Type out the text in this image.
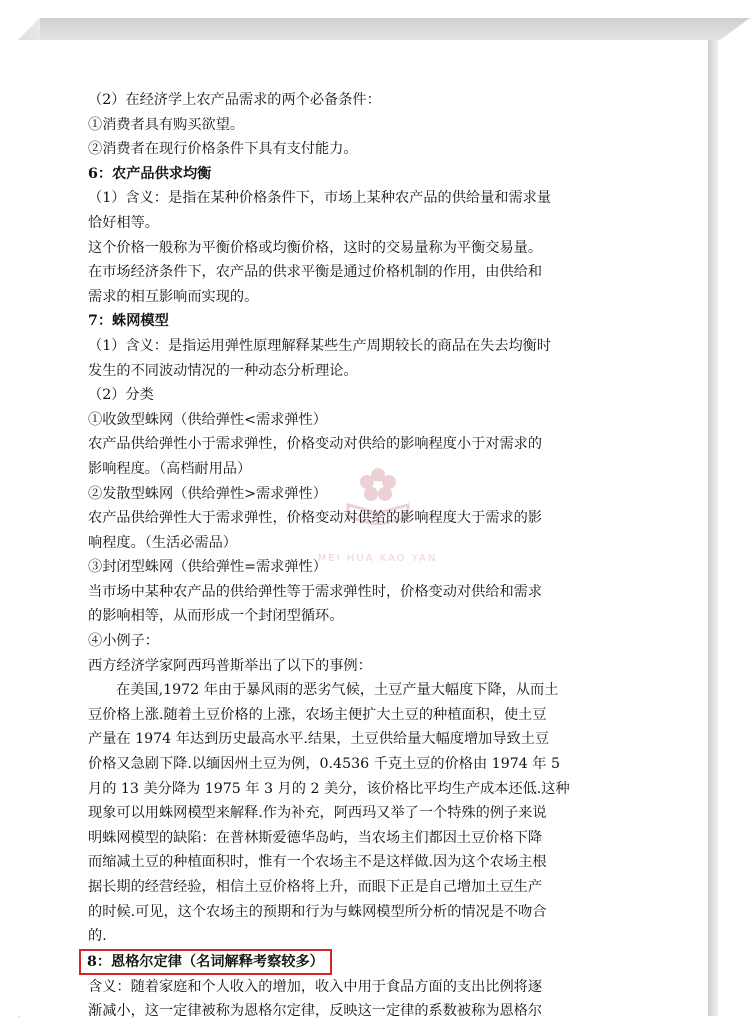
MEI HUA KAO YAN
（2）在经济学上农产品需求的两个必备条件：
①消费者具有购买欲望。
②消费者在现行价格条件下具有支付能力。
6：农产品供求均衡
（1）含义：是指在某种价格条件下，市场上某种农产品的供给量和需求量
恰好相等。
这个价格一般称为平衡价格或均衡价格，这时的交易量称为平衡交易量。
在市场经济条件下，农产品的供求平衡是通过价格机制的作用，由供给和
需求的相互影响而实现的。
7：蛛网模型
（1）含义：是指运用弹性原理解释某些生产周期较长的商品在失去均衡时
发生的不同波动情况的一种动态分析理论。
（2）分类
①收敛型蛛网（供给弹性<需求弹性）
农产品供给弹性小于需求弹性，价格变动对供给的影响程度小于对需求的
影响程度。（高档耐用品）
②发散型蛛网（供给弹性>需求弹性）
农产品供给弹性大于需求弹性，价格变动对供给的影响程度大于需求的影
响程度。（生活必需品）
③封闭型蛛网（供给弹性=需求弹性）
当市场中某种农产品的供给弹性等于需求弹性时，价格变动对供给和需求
的影响相等，从而形成一个封闭型循环。
④小例子：
西方经济学家阿西玛普斯举出了以下的事例：
在美国,1972 年由于暴风雨的恶劣气候，土豆产量大幅度下降，从而土
豆价格上涨.随着土豆价格的上涨，农场主便扩大土豆的种植面积，使土豆
产量在 1974 年达到历史最高水平.结果，土豆供给量大幅度增加导致土豆
价格又急剧下降.以缅因州土豆为例，0.4536 千克土豆的价格由 1974 年 5
月的 13 美分降为 1975 年 3 月的 2 美分，该价格比平均生产成本还低.这种
现象可以用蛛网模型来解释.作为补充，阿西玛又举了一个特殊的例子来说
明蛛网模型的缺陷：在普林斯爱德华岛屿，当农场主们都因土豆价格下降
而缩减土豆的种植面积时，惟有一个农场主不是这样做.因为这个农场主根
据长期的经营经验，相信土豆价格将上升，而眼下正是自己增加土豆生产
的时候.可见，这个农场主的预期和行为与蛛网模型所分析的情况是不吻合
的.
8：恩格尔定律（名词解释考察较多）
含义：随着家庭和个人收入的增加，收入中用于食品方面的支出比例将逐
渐减小，这一定律被称为恩格尔定律，反映这一定律的系数被称为恩格尔
